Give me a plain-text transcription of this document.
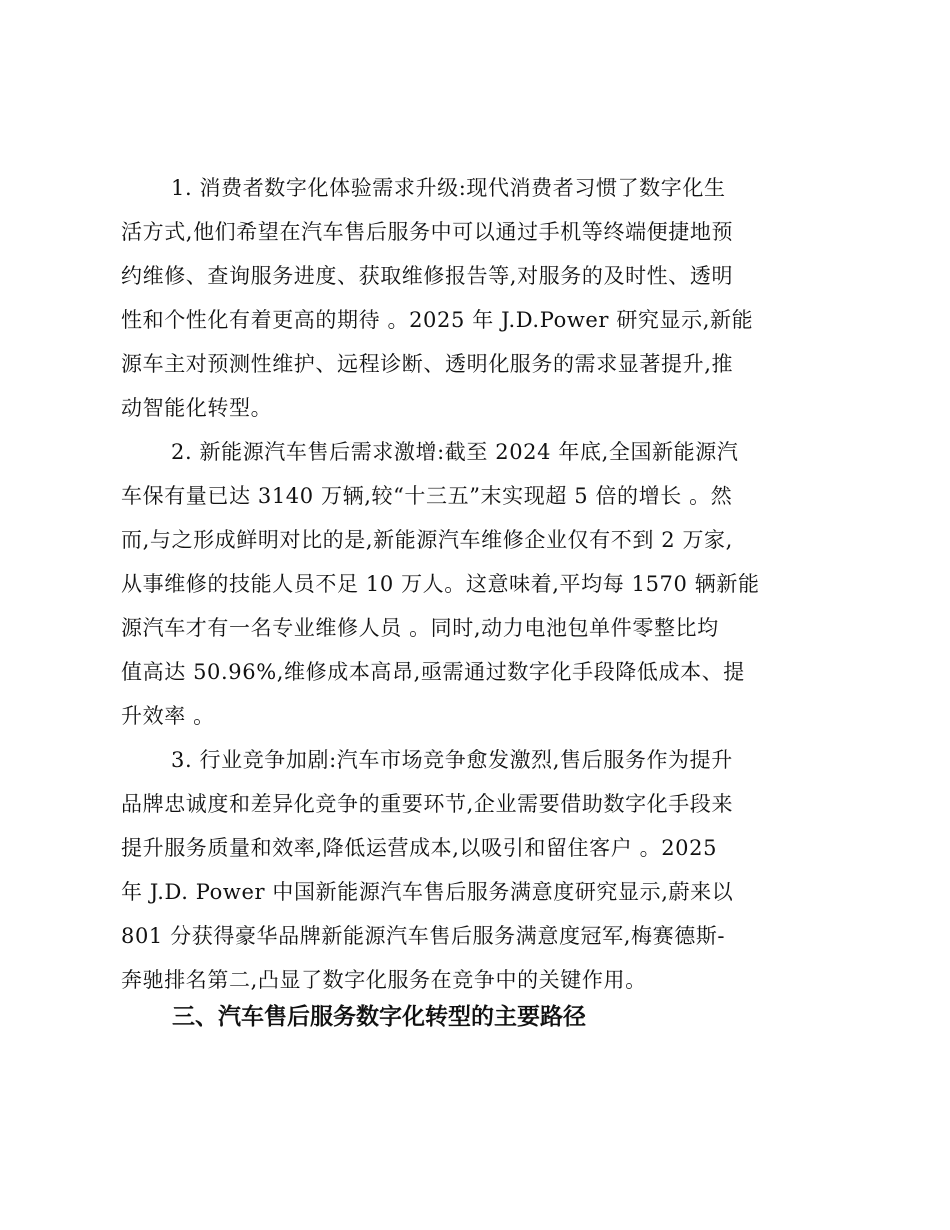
1. 消费者数字化体验需求升级:现代消费者习惯了数字化生
活方式,他们希望在汽车售后服务中可以通过手机等终端便捷地预
约维修、查询服务进度、获取维修报告等,对服务的及时性、透明
性和个性化有着更高的期待 。2025 年 J.D.Power 研究显示,新能
源车主对预测性维护、远程诊断、透明化服务的需求显著提升,推
动智能化转型。
2. 新能源汽车售后需求激增:截至 2024 年底,全国新能源汽
车保有量已达 3140 万辆,较“十三五”末实现超 5 倍的增长 。然
而,与之形成鲜明对比的是,新能源汽车维修企业仅有不到 2 万家,
从事维修的技能人员不足 10 万人。这意味着,平均每 1570 辆新能
源汽车才有一名专业维修人员 。同时,动力电池包单件零整比均
值高达 50.96%,维修成本高昂,亟需通过数字化手段降低成本、提
升效率 。
3. 行业竞争加剧:汽车市场竞争愈发激烈,售后服务作为提升
品牌忠诚度和差异化竞争的重要环节,企业需要借助数字化手段来
提升服务质量和效率,降低运营成本,以吸引和留住客户 。2025
年 J.D. Power 中国新能源汽车售后服务满意度研究显示,蔚来以
801 分获得豪华品牌新能源汽车售后服务满意度冠军,梅赛德斯-
奔驰排名第二,凸显了数字化服务在竞争中的关键作用。
三、汽车售后服务数字化转型的主要路径
